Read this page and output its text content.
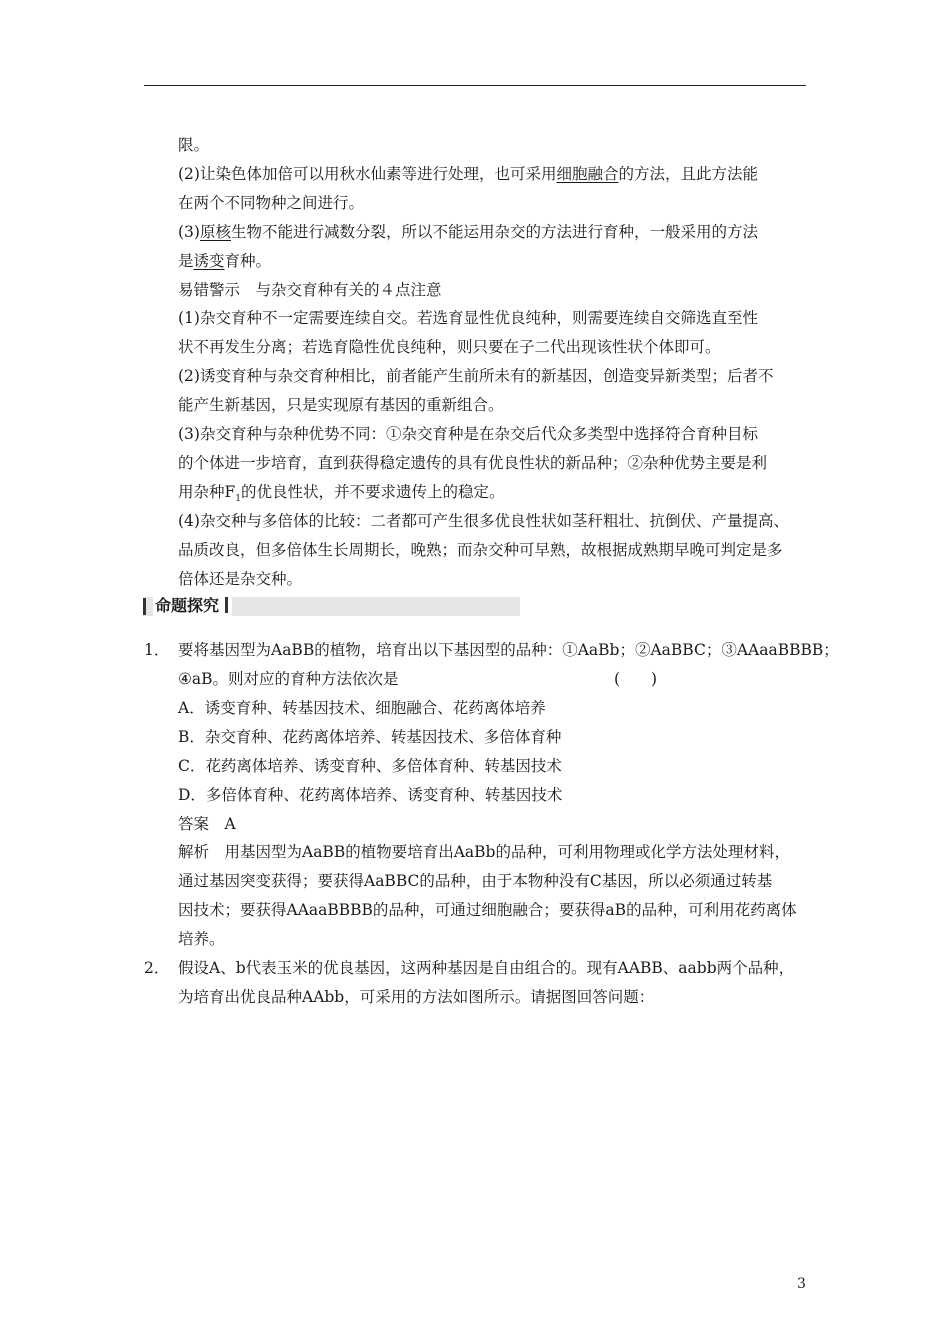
限。
(2)让染色体加倍可以用秋水仙素等进行处理，也可采用细胞融合的方法，且此方法能
在两个不同物种之间进行。
(3)原核生物不能进行减数分裂，所以不能运用杂交的方法进行育种，一般采用的方法
是诱变育种。
易错警示　与杂交育种有关的４点注意
(1)杂交育种不一定需要连续自交。若选育显性优良纯种，则需要连续自交筛选直至性
状不再发生分离；若选育隐性优良纯种，则只要在子二代出现该性状个体即可。
(2)诱变育种与杂交育种相比，前者能产生前所未有的新基因，创造变异新类型；后者不
能产生新基因，只是实现原有基因的重新组合。
(3)杂交育种与杂种优势不同：①杂交育种是在杂交后代众多类型中选择符合育种目标
的个体进一步培育，直到获得稳定遗传的具有优良性状的新品种；②杂种优势主要是利
用杂种$F_1$的优良性状，并不要求遗传上的稳定。
(4)杂交种与多倍体的比较：二者都可产生很多优良性状如茎秆粗壮、抗倒伏、产量提高、
品质改良，但多倍体生长周期长，晚熟；而杂交种可早熟，故根据成熟期早晚可判定是多
倍体还是杂交种。
命题探究
1． 要将基因型为AaBB的植物，培育出以下基因型的品种：①AaBb；②AaBBC；③AAaaBBBB；
④aB。则对应的育种方法依次是	(　　)
A．诱变育种、转基因技术、细胞融合、花药离体培养
B．杂交育种、花药离体培养、转基因技术、多倍体育种
C．花药离体培养、诱变育种、多倍体育种、转基因技术
D．多倍体育种、花药离体培养、诱变育种、转基因技术
答案　A
解析　用基因型为AaBB的植物要培育出AaBb的品种，可利用物理或化学方法处理材料，
通过基因突变获得；要获得AaBBC的品种，由于本物种没有C基因，所以必须通过转基
因技术；要获得AAaaBBBB的品种，可通过细胞融合；要获得aB的品种，可利用花药离体
培养。
2． 假设A、b代表玉米的优良基因，这两种基因是自由组合的。现有AABB、aabb两个品种，
为培育出优良品种AAbb，可采用的方法如图所示。请据图回答问题：
3
